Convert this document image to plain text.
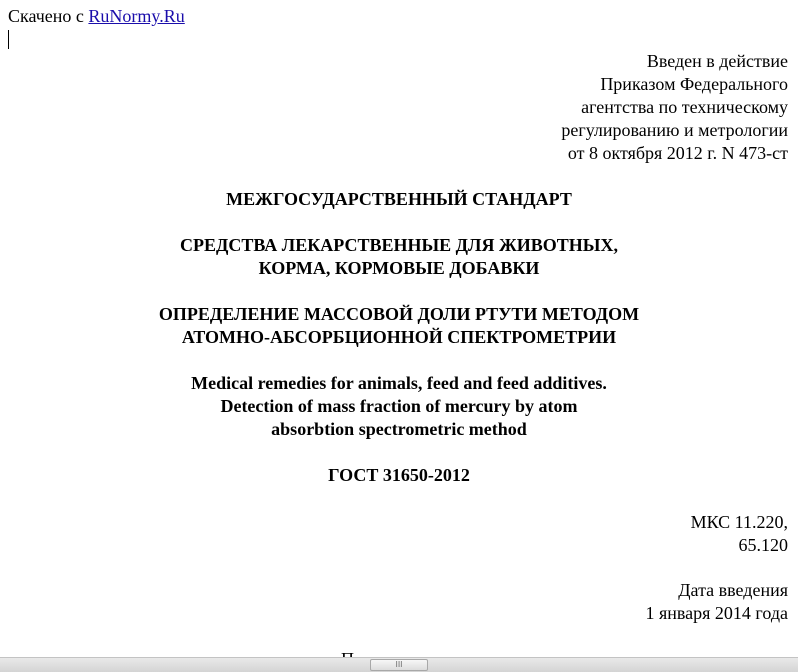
Скачено с RuNormy.Ru
Введен в действие
Приказом Федерального
агентства по техническому
регулированию и метрологии
от 8 октября 2012 г. N 473-ст
МЕЖГОСУДАРСТВЕННЫЙ СТАНДАРТ
СРЕДСТВА ЛЕКАРСТВЕННЫЕ ДЛЯ ЖИВОТНЫХ,
КОРМА, КОРМОВЫЕ ДОБАВКИ
ОПРЕДЕЛЕНИЕ МАССОВОЙ ДОЛИ РТУТИ МЕТОДОМ
АТОМНО-АБСОРБЦИОННОЙ СПЕКТРОМЕТРИИ
Medical remedies for animals, feed and feed additives.
Detection of mass fraction of mercury by atom
absorbtion spectrometric method
ГОСТ 31650-2012
МКС 11.220,
65.120
Дата введения
1 января 2014 года
III
